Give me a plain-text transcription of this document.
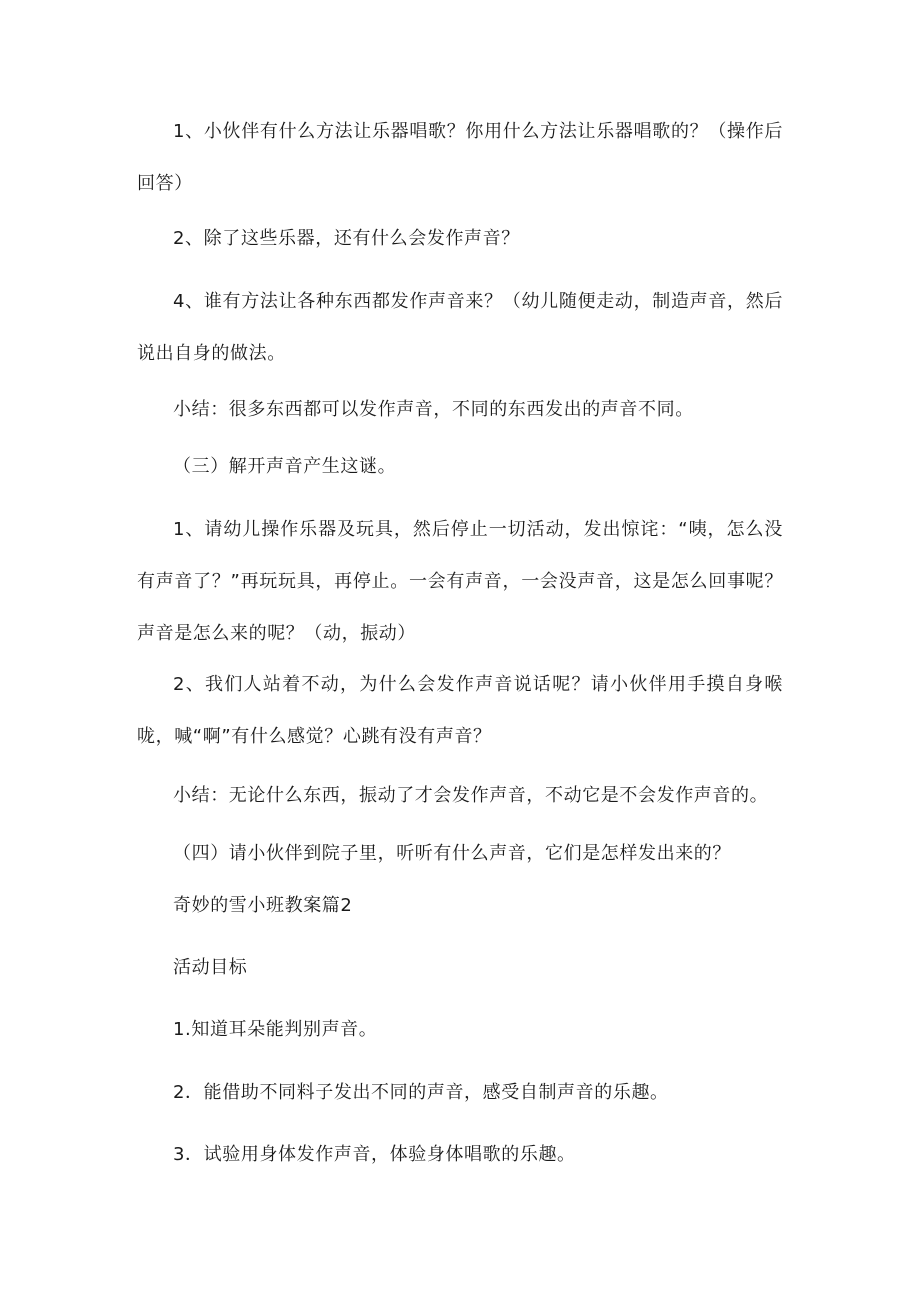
1、小伙伴有什么方法让乐器唱歌？你用什么方法让乐器唱歌的？（操作后回答）
2、除了这些乐器，还有什么会发作声音？
4、谁有方法让各种东西都发作声音来？（幼儿随便走动，制造声音，然后说出自身的做法。
小结：很多东西都可以发作声音，不同的东西发出的声音不同。
（三）解开声音产生这谜。
1、请幼儿操作乐器及玩具，然后停止一切活动，发出惊诧：“咦，怎么没有声音了？”再玩玩具，再停止。一会有声音，一会没声音，这是怎么回事呢？声音是怎么来的呢？（动，振动）
2、我们人站着不动，为什么会发作声音说话呢？请小伙伴用手摸自身喉咙，喊“啊”有什么感觉？心跳有没有声音？
小结：无论什么东西，振动了才会发作声音，不动它是不会发作声音的。
（四）请小伙伴到院子里，听听有什么声音，它们是怎样发出来的？
奇妙的雪小班教案篇2
活动目标
1.知道耳朵能判别声音。
2．能借助不同料子发出不同的声音，感受自制声音的乐趣。
3．试验用身体发作声音，体验身体唱歌的乐趣。
